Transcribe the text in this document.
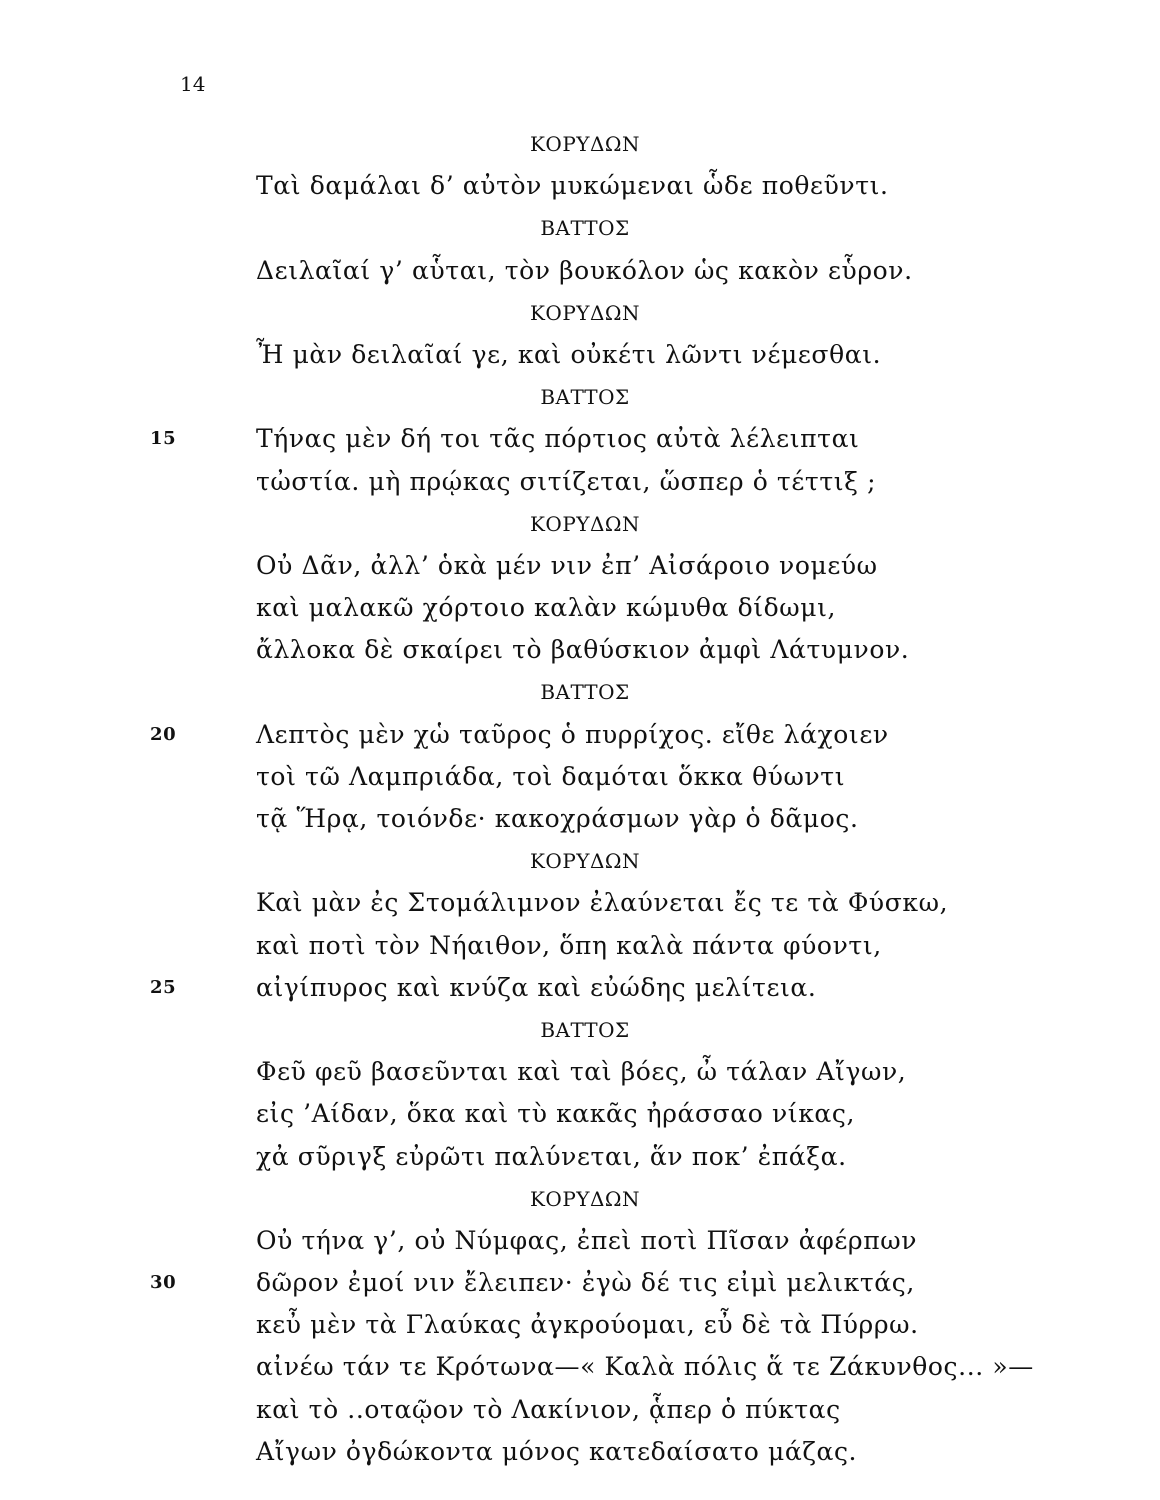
14
ΚΟΡΥΔΩΝ
Ταὶ δαμάλαι δ’ αὐτὸν μυκώμεναι ὧδε ποθεῦντι.
ΒΑΤΤΟΣ
Δειλαῖαί γ’ αὗται, τὸν βουκόλον ὡς κακὸν εὗρον.
ΚΟΡΥΔΩΝ
Ἦ μὰν δειλαῖαί γε, καὶ οὐκέτι λῶντι νέμεσθαι.
ΒΑΤΤΟΣ
15	Τήνας μὲν δή τοι τᾶς πόρτιος αὐτὰ λέλειπται
τὠστία. μὴ πρῴκας σιτίζεται, ὥσπερ ὁ τέττιξ ;
ΚΟΡΥΔΩΝ
Οὐ Δᾶν, ἀλλ’ ὁκὰ μέν νιν ἐπ’ Αἰσάροιο νομεύω
καὶ μαλακῶ χόρτοιο καλὰν κώμυθα δίδωμι,
ἄλλοκα δὲ σκαίρει τὸ βαθύσκιον ἀμφὶ Λάτυμνον.
ΒΑΤΤΟΣ
20	Λεπτὸς μὲν χὡ ταῦρος ὁ πυρρίχος. εἴθε λάχοιεν
τοὶ τῶ Λαμπριάδα, τοὶ δαμόται ὅκκα θύωντι
τᾷ Ἥρᾳ, τοιόνδε· κακοχράσμων γὰρ ὁ δᾶμος.
ΚΟΡΥΔΩΝ
Καὶ μὰν ἐς Στομάλιμνον ἐλαύνεται ἔς τε τὰ Φύσκω,
καὶ ποτὶ τὸν Νήαιθον, ὅπη καλὰ πάντα φύοντι,
25	αἰγίπυρος καὶ κνύζα καὶ εὐώδης μελίτεια.
ΒΑΤΤΟΣ
Φεῦ φεῦ βασεῦνται καὶ ταὶ βόες, ὦ τάλαν Αἴγων,
εἰς ’Αίδαν, ὅκα καὶ τὺ κακᾶς ἠράσσαο νίκας,
χἀ σῦριγξ εὐρῶτι παλύνεται, ἅν ποκ’ ἐπάξα.
ΚΟΡΥΔΩΝ
Οὐ τήνα γ’, οὐ Νύμφας, ἐπεὶ ποτὶ Πῖσαν ἀφέρπων
30	δῶρον ἐμοί νιν ἔλειπεν· ἐγὼ δέ τις εἰμὶ μελικτάς,
κεὖ μὲν τὰ Γλαύκας ἀγκρούομαι, εὖ δὲ τὰ Πύρρω.
αἰνέω τάν τε Κρότωνα—« Καλὰ πόλις ἅ τε Ζάκυνθος... »—
καὶ τὸ ..οταῷον τὸ Λακίνιον, ᾇπερ ὁ πύκτας
Αἴγων ὀγδώκοντα μόνος κατεδαίσατο μάζας.
